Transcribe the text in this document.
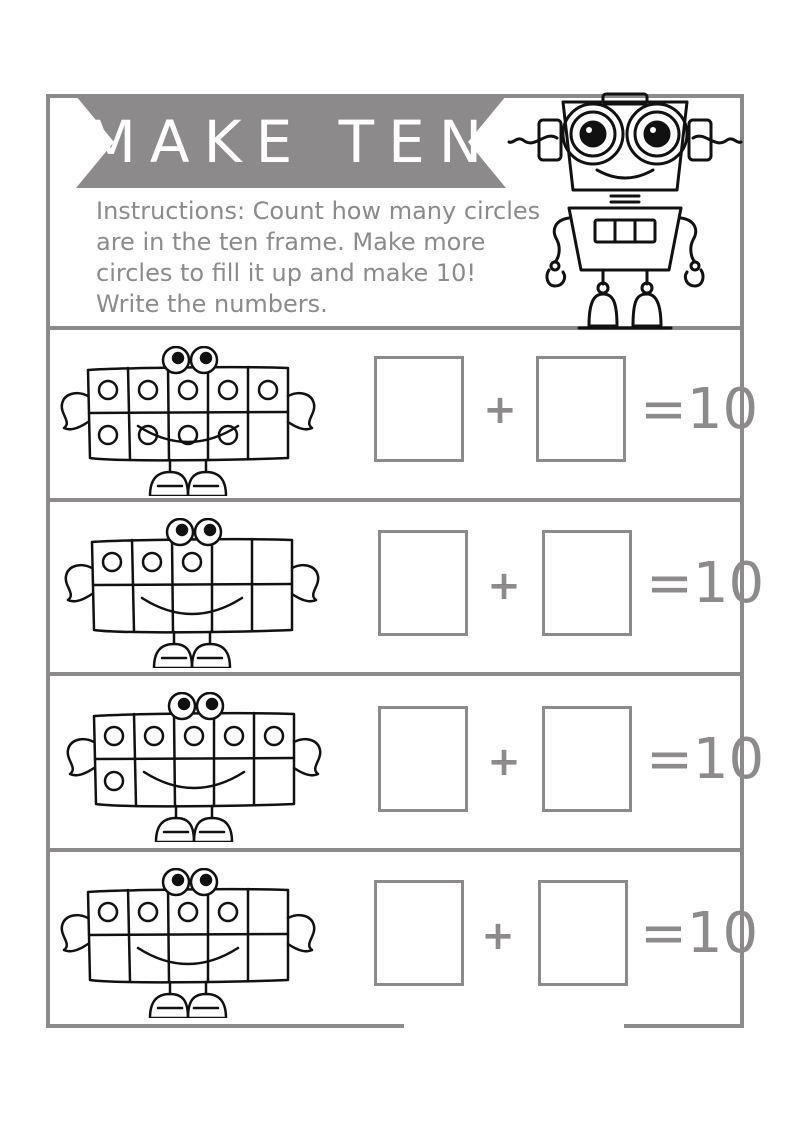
MAKE TEN
Instructions: Count how many circles are in the ten frame. Make more circles to fill it up and make 10! Write the numbers.
+ =10
+ =10
+ =10
+ =10
